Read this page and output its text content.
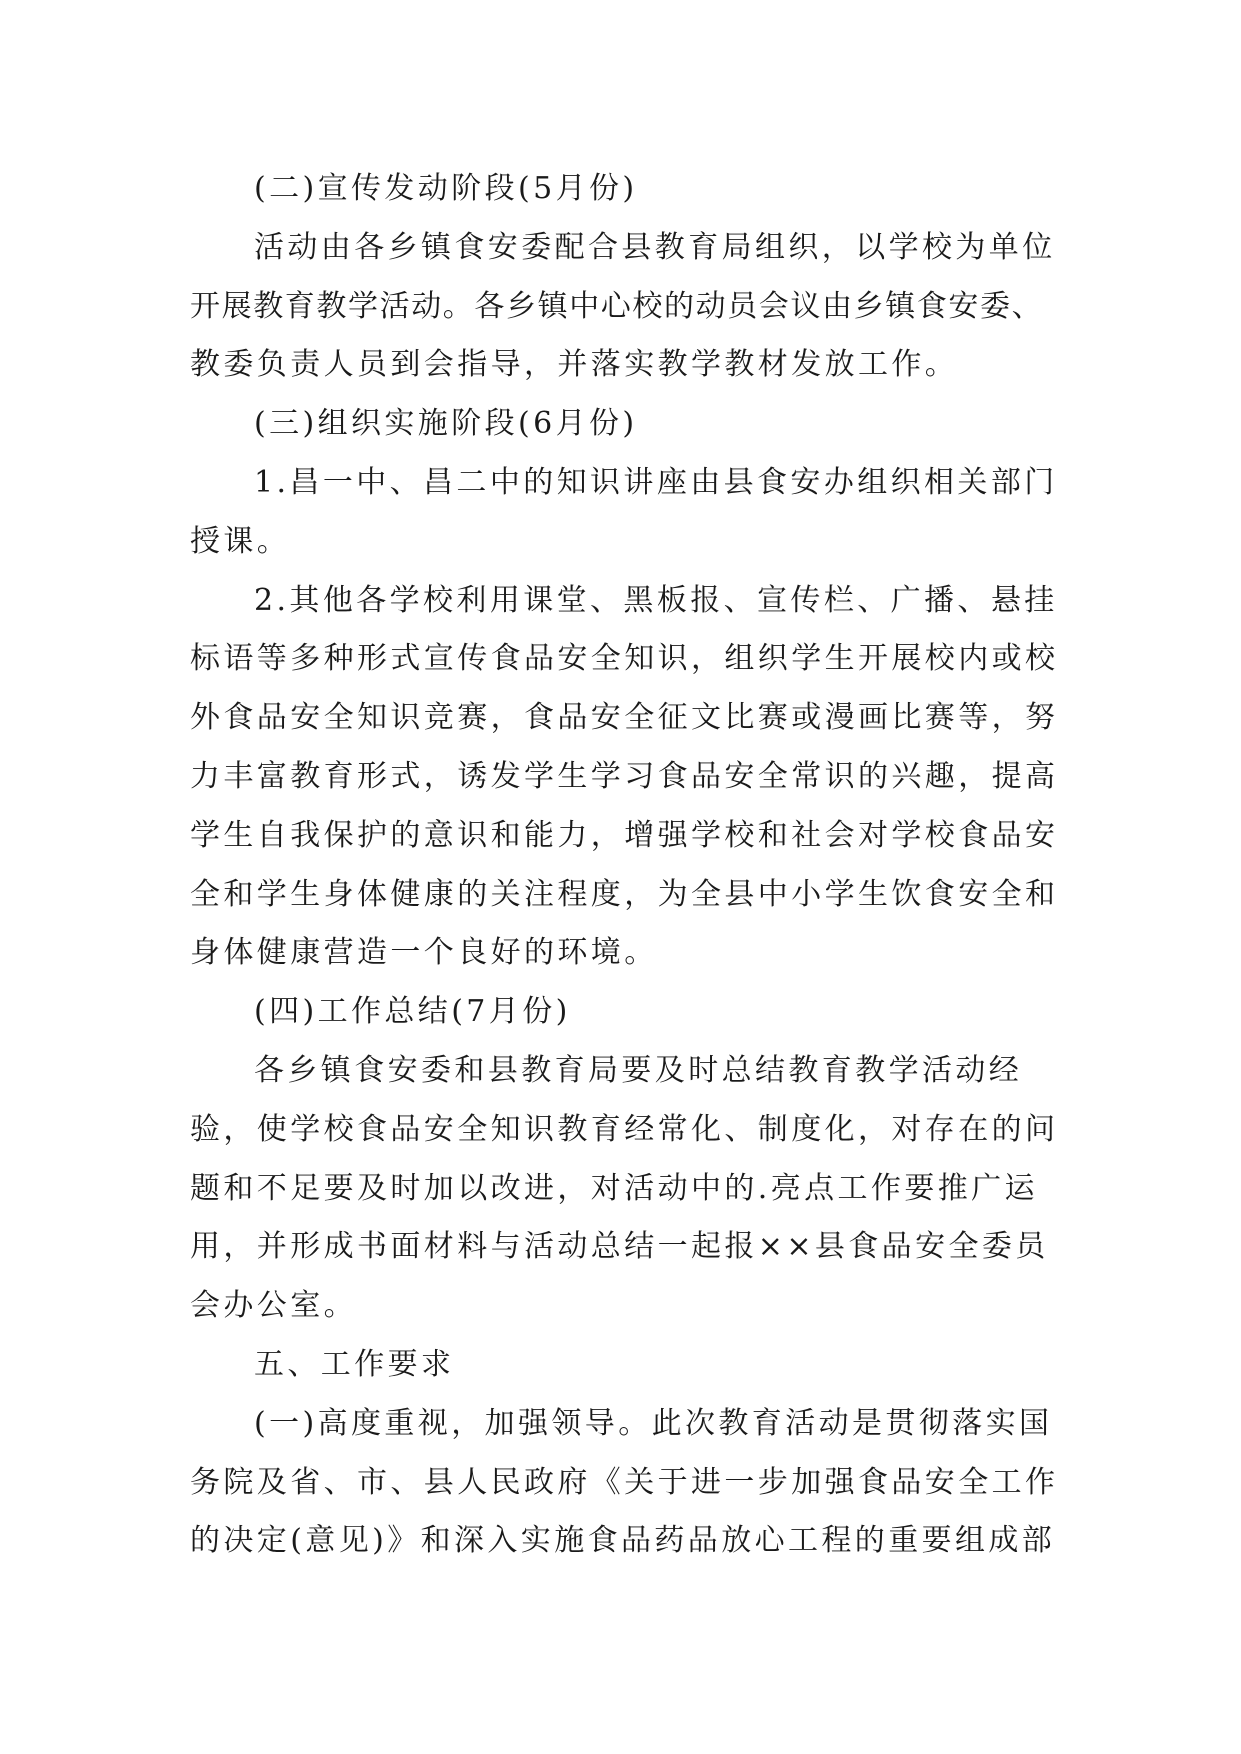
(二)宣传发动阶段(5月份)
活动由各乡镇食安委配合县教育局组织，以学校为单位
开展教育教学活动。各乡镇中心校的动员会议由乡镇食安委、
教委负责人员到会指导，并落实教学教材发放工作。
(三)组织实施阶段(6月份)
1.昌一中、昌二中的知识讲座由县食安办组织相关部门
授课。
2.其他各学校利用课堂、黑板报、宣传栏、广播、悬挂
标语等多种形式宣传食品安全知识，组织学生开展校内或校
外食品安全知识竞赛，食品安全征文比赛或漫画比赛等，努
力丰富教育形式，诱发学生学习食品安全常识的兴趣，提高
学生自我保护的意识和能力，增强学校和社会对学校食品安
全和学生身体健康的关注程度，为全县中小学生饮食安全和
身体健康营造一个良好的环境。
(四)工作总结(7月份)
各乡镇食安委和县教育局要及时总结教育教学活动经
验，使学校食品安全知识教育经常化、制度化，对存在的问
题和不足要及时加以改进，对活动中的.亮点工作要推广运
用，并形成书面材料与活动总结一起报××县食品安全委员
会办公室。
五、工作要求
(一)高度重视，加强领导。此次教育活动是贯彻落实国
务院及省、市、县人民政府《关于进一步加强食品安全工作
的决定(意见)》和深入实施食品药品放心工程的重要组成部
